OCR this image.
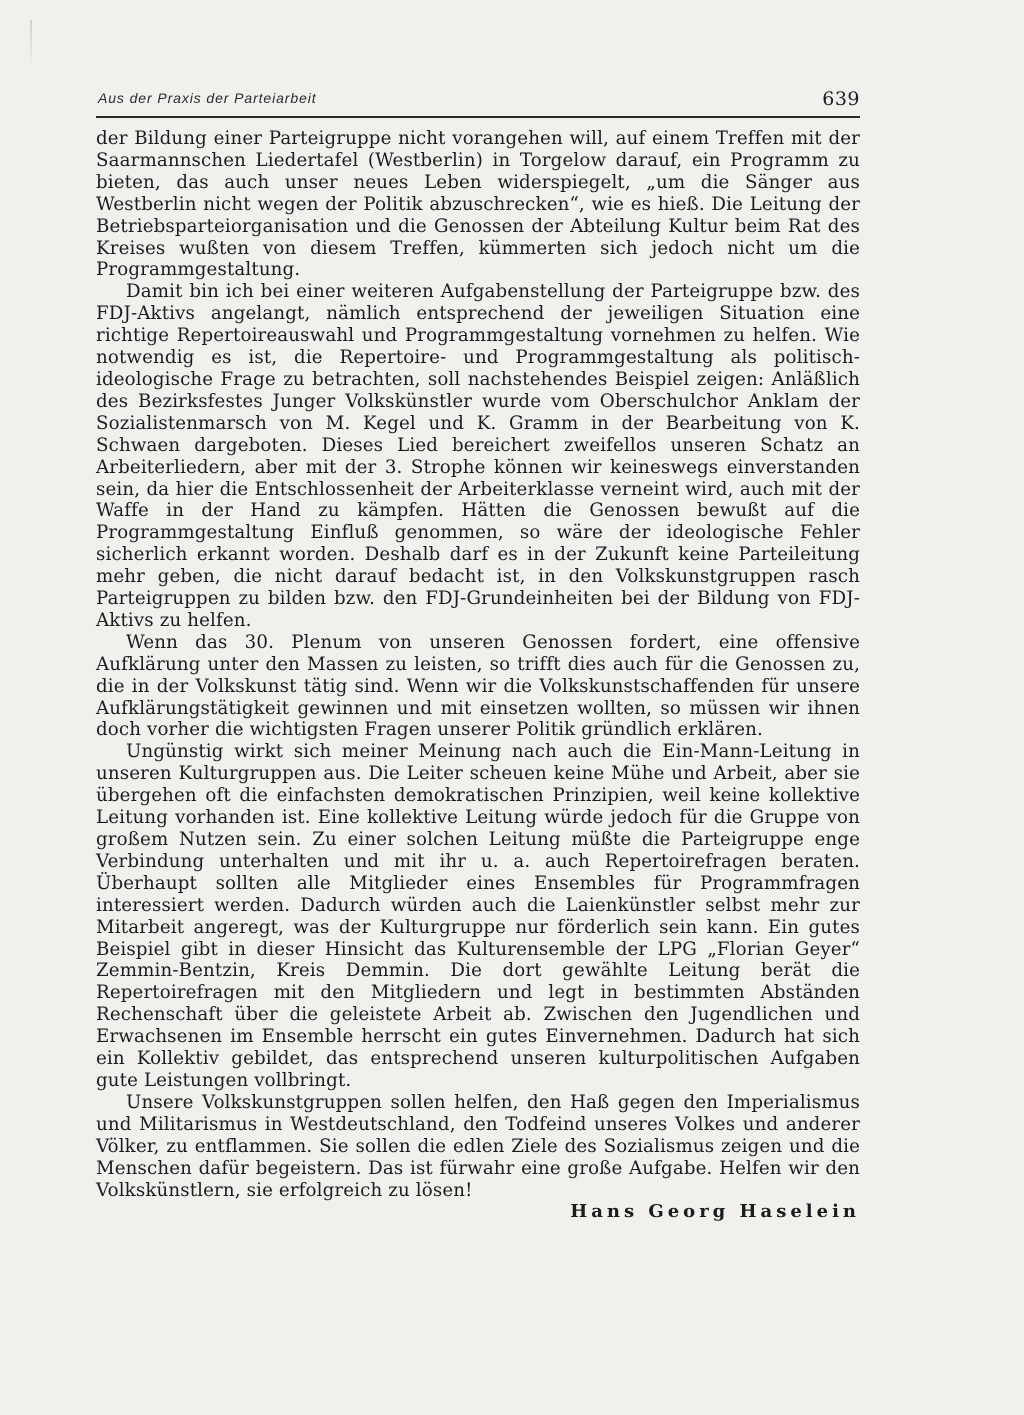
Aus der Praxis der Parteiarbeit	639

der Bildung einer Parteigruppe nicht vorangehen will, auf einem Treffen mit der Saarmannschen Liedertafel (Westberlin) in Torgelow darauf, ein Programm zu bieten, das auch unser neues Leben widerspiegelt, „um die Sänger aus Westberlin nicht wegen der Politik abzuschrecken“, wie es hieß. Die Leitung der Betriebsparteiorganisation und die Genossen der Abteilung Kultur beim Rat des Kreises wußten von diesem Treffen, kümmerten sich jedoch nicht um die Programmgestaltung.

Damit bin ich bei einer weiteren Aufgabenstellung der Parteigruppe bzw. des FDJ-Aktivs angelangt, nämlich entsprechend der jeweiligen Situation eine richtige Repertoireauswahl und Programmgestaltung vornehmen zu helfen. Wie notwendig es ist, die Repertoire- und Programmgestaltung als politisch-ideologische Frage zu betrachten, soll nachstehendes Beispiel zeigen: Anläßlich des Bezirksfestes Junger Volkskünstler wurde vom Oberschulchor Anklam der Sozialistenmarsch von M. Kegel und K. Gramm in der Bearbeitung von K. Schwaen dargeboten. Dieses Lied bereichert zweifellos unseren Schatz an Arbeiterliedern, aber mit der 3. Strophe können wir keineswegs einverstanden sein, da hier die Entschlossenheit der Arbeiterklasse verneint wird, auch mit der Waffe in der Hand zu kämpfen. Hätten die Genossen bewußt auf die Programmgestaltung Einfluß genommen, so wäre der ideologische Fehler sicherlich erkannt worden. Deshalb darf es in der Zukunft keine Parteileitung mehr geben, die nicht darauf bedacht ist, in den Volkskunstgruppen rasch Parteigruppen zu bilden bzw. den FDJ-Grundeinheiten bei der Bildung von FDJ-Aktivs zu helfen.

Wenn das 30. Plenum von unseren Genossen fordert, eine offensive Aufklärung unter den Massen zu leisten, so trifft dies auch für die Genossen zu, die in der Volkskunst tätig sind. Wenn wir die Volkskunstschaffenden für unsere Aufklärungstätigkeit gewinnen und mit einsetzen wollten, so müssen wir ihnen doch vorher die wichtigsten Fragen unserer Politik gründlich erklären.

Ungünstig wirkt sich meiner Meinung nach auch die Ein-Mann-Leitung in unseren Kulturgruppen aus. Die Leiter scheuen keine Mühe und Arbeit, aber sie übergehen oft die einfachsten demokratischen Prinzipien, weil keine kollektive Leitung vorhanden ist. Eine kollektive Leitung würde jedoch für die Gruppe von großem Nutzen sein. Zu einer solchen Leitung müßte die Parteigruppe enge Verbindung unterhalten und mit ihr u. a. auch Repertoirefragen beraten. Überhaupt sollten alle Mitglieder eines Ensembles für Programmfragen interessiert werden. Dadurch würden auch die Laienkünstler selbst mehr zur Mitarbeit angeregt, was der Kulturgruppe nur förderlich sein kann. Ein gutes Beispiel gibt in dieser Hinsicht das Kulturensemble der LPG „Florian Geyer“ Zemmin-Bentzin, Kreis Demmin. Die dort gewählte Leitung berät die Repertoirefragen mit den Mitgliedern und legt in bestimmten Abständen Rechenschaft über die geleistete Arbeit ab. Zwischen den Jugendlichen und Erwachsenen im Ensemble herrscht ein gutes Einvernehmen. Dadurch hat sich ein Kollektiv gebildet, das entsprechend unseren kulturpolitischen Aufgaben gute Leistungen vollbringt.

Unsere Volkskunstgruppen sollen helfen, den Haß gegen den Imperialismus und Militarismus in Westdeutschland, den Todfeind unseres Volkes und anderer Völker, zu entflammen. Sie sollen die edlen Ziele des Sozialismus zeigen und die Menschen dafür begeistern. Das ist fürwahr eine große Aufgabe. Helfen wir den Volkskünstlern, sie erfolgreich zu lösen!

Hans Georg Haselein
